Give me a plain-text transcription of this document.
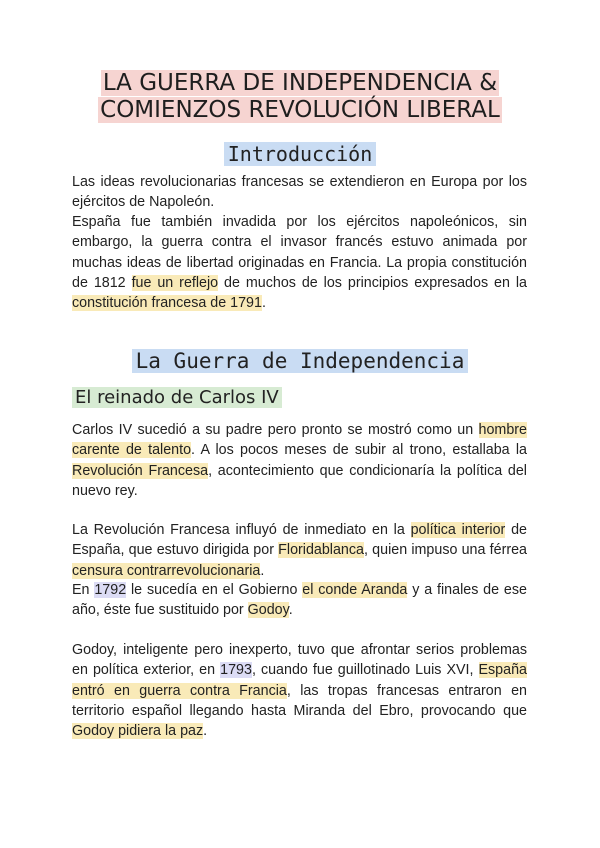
LA GUERRA DE INDEPENDENCIA &
COMIENZOS REVOLUCIÓN LIBERAL
Introducción

Las ideas revolucionarias francesas se extendieron en Europa por los ejércitos de Napoleón.

España fue también invadida por los ejércitos napoleónicos, sin embargo, la guerra contra el invasor francés estuvo animada por muchas ideas de libertad originadas en Francia. La propia constitución de 1812 fue un reflejo de muchos de los principios expresados en la constitución francesa de 1791.

La Guerra de Independencia
El reinado de Carlos IV

Carlos IV sucedió a su padre pero pronto se mostró como un hombre carente de talento. A los pocos meses de subir al trono, estallaba la Revolución Francesa, acontecimiento que condicionaría la política del nuevo rey.

La Revolución Francesa influyó de inmediato en la política interior de España, que estuvo dirigida por Floridablanca, quien impuso una férrea censura contrarrevolucionaria.

En 1792 le sucedía en el Gobierno el conde Aranda y a finales de ese año, éste fue sustituido por Godoy.

Godoy, inteligente pero inexperto, tuvo que afrontar serios problemas en política exterior, en 1793, cuando fue guillotinado Luis XVI, España entró en guerra contra Francia, las tropas francesas entraron en territorio español llegando hasta Miranda del Ebro, provocando que Godoy pidiera la paz.
